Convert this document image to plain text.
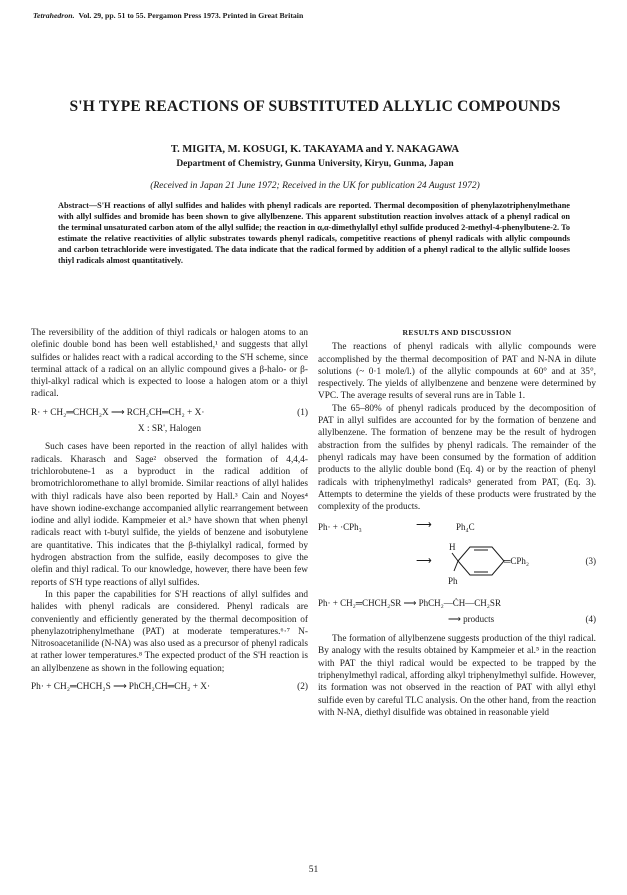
Tetrahedron. Vol. 29, pp. 51 to 55. Pergamon Press 1973. Printed in Great Britain
S'H TYPE REACTIONS OF SUBSTITUTED ALLYLIC COMPOUNDS
T. MIGITA, M. KOSUGI, K. TAKAYAMA and Y. NAKAGAWA
Department of Chemistry, Gunma University, Kiryu, Gunma, Japan
(Received in Japan 21 June 1972; Received in the UK for publication 24 August 1972)

Abstract—S'H reactions of allyl sulfides and halides with phenyl radicals are reported. Thermal decomposition of phenylazotriphenylmethane with allyl sulfides and bromide has been shown to give allylbenzene. This apparent substitution reaction involves attack of a phenyl radical on the terminal unsaturated carbon atom of the allyl sulfide; the reaction in α,α-dimethylallyl ethyl sulfide produced 2-methyl-4-phenylbutene-2. To estimate the relative reactivities of allylic substrates towards phenyl radicals, competitive reactions of phenyl radicals with allylic compounds and carbon tetrachloride were investigated. The data indicate that the radical formed by addition of a phenyl radical to the allylic sulfide looses thiyl radicals almost quantitatively.

The reversibility of the addition of thiyl radicals or halogen atoms to an olefinic double bond has been well established,¹ and suggests that allyl sulfides or halides react with a radical according to the S'H scheme, since terminal attack of a radical on an allylic compound gives a β-halo- or β-thiyl-alkyl radical which is expected to loose a halogen atom or a thiyl radical.

R· + CH₂═CHCH₂X ⟶ RCH₂CH═CH₂ + X·	(1)
X : SR', Halogen

Such cases have been reported in the reaction of allyl halides with radicals. Kharasch and Sage² observed the formation of 4,4,4-trichlorobutene-1 as a byproduct in the radical addition of bromotrichloromethane to allyl bromide. Similar reactions of allyl halides with thiyl radicals have also been reported by Hall.³ Cain and Noyes⁴ have shown iodine-exchange accompanied allylic rearrangement between iodine and allyl iodide. Kampmeier et al.⁵ have shown that when phenyl radicals react with t-butyl sulfide, the yields of benzene and isobutylene are quantitative. This indicates that the β-thiylalkyl radical, formed by hydrogen abstraction from the sulfide, easily decomposes to give the olefin and thiyl radical. To our knowledge, however, there have been few reports of S'H type reactions of allyl sulfides.

In this paper the capabilities for S'H reactions of allyl sulfides and halides with phenyl radicals are considered. Phenyl radicals are conveniently and efficiently generated by the thermal decomposition of phenylazotriphenylmethane (PAT) at moderate temperatures.⁶·⁷ N-Nitrosoacetanilide (N-NA) was also used as a precursor of phenyl radicals at rather lower temperatures.⁸ The expected product of the S'H reaction is an allylbenzene as shown in the following equation;

Ph· + CH₂═CHCH₂S ⟶ PhCH₂CH═CH₂ + X·	(2)
RESULTS AND DISCUSSION

The reactions of phenyl radicals with allylic compounds were accomplished by the thermal decomposition of PAT and N-NA in dilute solutions (~ 0·1 mole/l.) of the allylic compounds at 60° and at 35°, respectively. The yields of allylbenzene and benzene were determined by VPC. The average results of several runs are in Table 1.

The 65–80% of phenyl radicals produced by the decomposition of PAT in allyl sulfides are accounted for by the formation of benzene and allylbenzene. The formation of benzene may be the result of hydrogen abstraction from the sulfides by phenyl radicals. The remainder of the phenyl radicals may have been consumed by the formation of addition products to the allylic double bond (Eq. 4) or by the reaction of phenyl radicals with triphenylmethyl radicals⁵ generated from PAT, (Eq. 3). Attempts to determine the yields of these products were frustrated by the complexity of the products.

Ph· + ·CPh₃	⟶	Ph₄C
⟶
H
═CPh₂
Ph
(3)
Ph· + CH₂═CHCH₂SR ⟶ PhCH₂—ĊH—CH₂SR
⟶ products	(4)

The formation of allylbenzene suggests production of the thiyl radical. By analogy with the results obtained by Kampmeier et al.⁵ in the reaction with PAT the thiyl radical would be expected to be trapped by the triphenylmethyl radical, affording alkyl triphenylmethyl sulfide. However, its formation was not observed in the reaction of PAT with allyl ethyl sulfide even by careful TLC analysis. On the other hand, from the reaction with N-NA, diethyl disulfide was obtained in reasonable yield

51
